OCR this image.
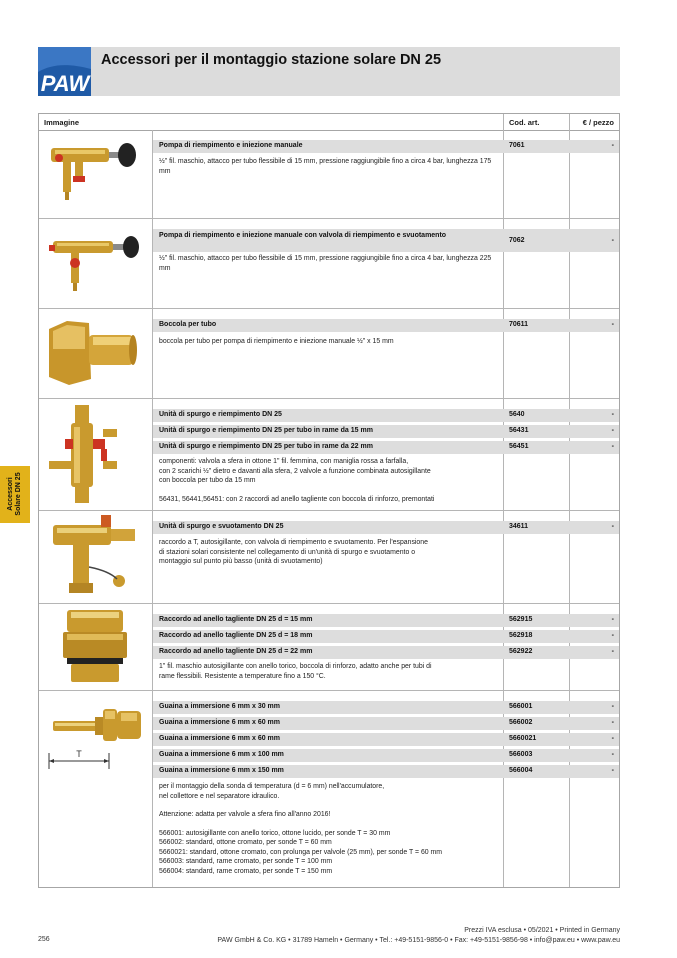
PAW
Accessori per il montaggio stazione solare DN 25
Accessori
Solare DN 25
Immagine	Cod. art.	€ / pezzo
Pompa di riempimento e iniezione manuale	7061	-

½" fil. maschio, attacco per tubo flessibile di 15 mm, pressione raggiungibile fino a circa 4 bar, lunghezza 175 mm

Pompa di riempimento e iniezione manuale con valvola di riempimento e svuotamento
7062	-

½" fil. maschio, attacco per tubo flessibile di 15 mm, pressione raggiungibile fino a circa 4 bar, lunghezza 225 mm

Boccola per tubo	70611	-

boccola per tubo per pompa di riempimento e iniezione manuale ½" x 15 mm

Unità di spurgo e riempimento DN 25	5640	-
Unità di spurgo e riempimento DN 25 per tubo in rame da 15 mm	56431	-
Unità di spurgo e riempimento DN 25 per tubo in rame da 22 mm	56451	-

componenti: valvola a sfera in ottone 1" fil. femmina, con maniglia rossa a farfalla,

con 2 scarichi ½" dietro e davanti alla sfera, 2 valvole a funzione combinata autosigillante

con boccola per tubo da 15 mm

56431, 56441,56451: con 2 raccordi ad anello tagliente con boccola di rinforzo, premontati

Unità di spurgo e svuotamento DN 25	34611	-

raccordo a T, autosigillante, con valvola di riempimento e svuotamento. Per l'espansione

di stazioni solari consistente nel collegamento di un'unità di spurgo e svuotamento o

montaggio sul punto più basso (unità di svuotamento)

Raccordo ad anello tagliente DN 25 d = 15 mm	562915	-
Raccordo ad anello tagliente DN 25 d = 18 mm	562918	-
Raccordo ad anello tagliente DN 25 d = 22 mm	562922	-

1" fil. maschio autosigillante con anello torico, boccola di rinforzo, adatto anche per tubi di

rame flessibili. Resistente a temperature fino a 150 °C.

T
Guaina a immersione 6 mm x 30 mm	566001	-
Guaina a immersione 6 mm x 60 mm	566002	-
Guaina a immersione 6 mm x 60 mm	5660021	-
Guaina a immersione 6 mm x 100 mm	566003	-
Guaina a immersione 6 mm x 150 mm	566004	-

per il montaggio della sonda di temperatura (d = 6 mm) nell'accumulatore,

nel collettore e nel separatore idraulico.

Attenzione: adatta per valvole a sfera fino all'anno 2016!

566001: autosigillante con anello torico, ottone lucido, per sonde T = 30 mm

566002: standard, ottone cromato, per sonde T = 60 mm

5660021: standard, ottone cromato, con prolunga per valvole (25 mm), per sonde T = 60 mm

566003: standard, rame cromato, per sonde T = 100 mm

566004: standard, rame cromato, per sonde T = 150 mm

Prezzi IVA esclusa • 05/2021 • Printed in Germany
PAW GmbH & Co. KG • 31789 Hameln • Germany • Tel.: +49-5151-9856-0 • Fax: +49-5151-9856-98 • info@paw.eu • www.paw.eu
256
